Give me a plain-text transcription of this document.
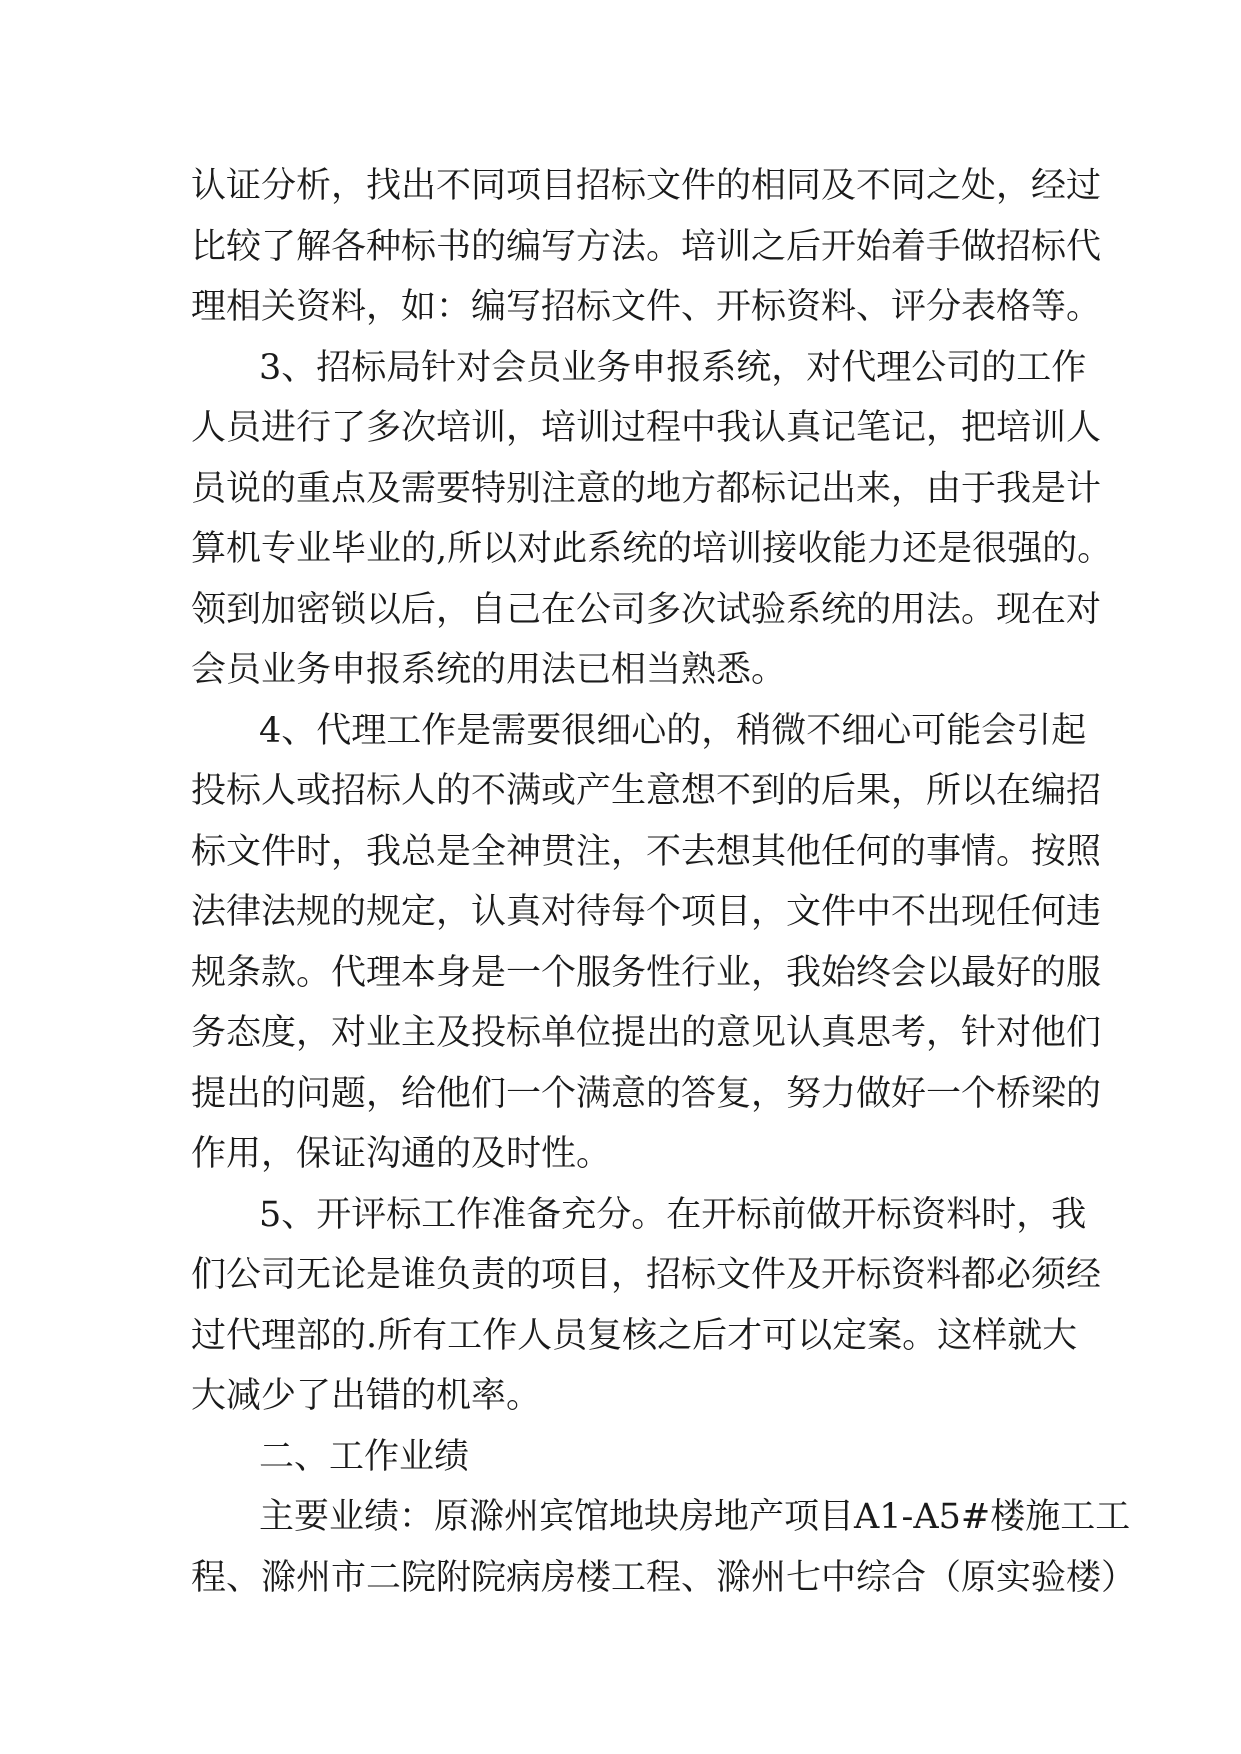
认证分析，找出不同项目招标文件的相同及不同之处，经过
比较了解各种标书的编写方法。培训之后开始着手做招标代
理相关资料，如：编写招标文件、开标资料、评分表格等。
3、招标局针对会员业务申报系统，对代理公司的工作
人员进行了多次培训，培训过程中我认真记笔记，把培训人
员说的重点及需要特别注意的地方都标记出来，由于我是计
算机专业毕业的,所以对此系统的培训接收能力还是很强的。
领到加密锁以后，自己在公司多次试验系统的用法。现在对
会员业务申报系统的用法已相当熟悉。
4、代理工作是需要很细心的，稍微不细心可能会引起
投标人或招标人的不满或产生意想不到的后果，所以在编招
标文件时，我总是全神贯注，不去想其他任何的事情。按照
法律法规的规定，认真对待每个项目，文件中不出现任何违
规条款。代理本身是一个服务性行业，我始终会以最好的服
务态度，对业主及投标单位提出的意见认真思考，针对他们
提出的问题，给他们一个满意的答复，努力做好一个桥梁的
作用，保证沟通的及时性。
5、开评标工作准备充分。在开标前做开标资料时，我
们公司无论是谁负责的项目，招标文件及开标资料都必须经
过代理部的.所有工作人员复核之后才可以定案。这样就大
大减少了出错的机率。
二、工作业绩
主要业绩：原滁州宾馆地块房地产项目A1-A5#楼施工工
程、滁州市二院附院病房楼工程、滁州七中综合（原实验楼）
